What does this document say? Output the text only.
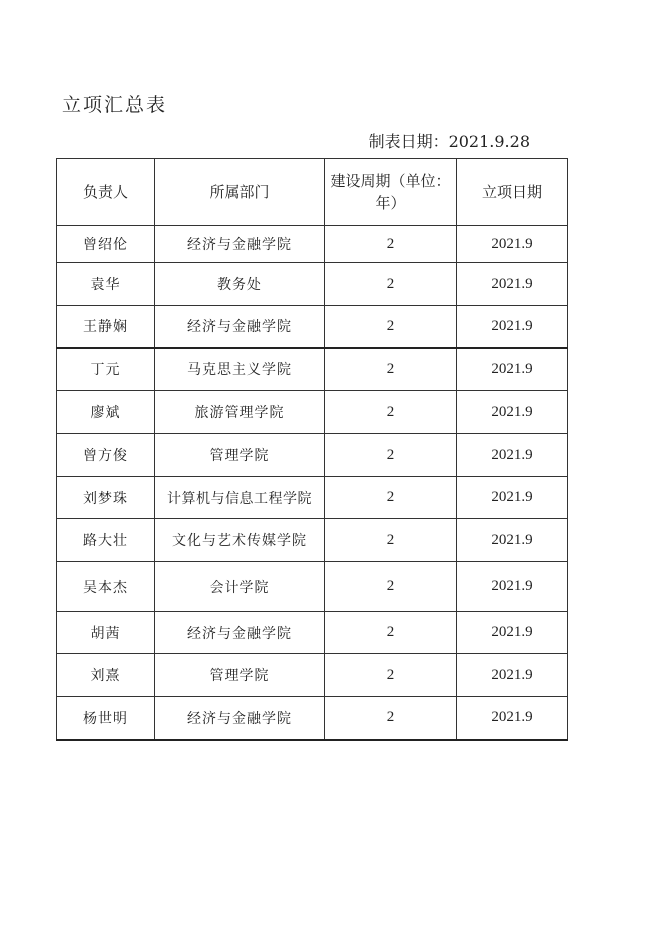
立项汇总表
制表日期：2021.9.28
负责人	所属部门	建设周期（单位：年）	立项日期
曾绍伦	经济与金融学院	2	2021.9
袁华	教务处	2	2021.9
王静娴	经济与金融学院	2	2021.9
丁元	马克思主义学院	2	2021.9
廖斌	旅游管理学院	2	2021.9
曾方俊	管理学院	2	2021.9
刘梦珠	计算机与信息工程学院	2	2021.9
路大壮	文化与艺术传媒学院	2	2021.9
吴本杰	会计学院	2	2021.9
胡茜	经济与金融学院	2	2021.9
刘熹	管理学院	2	2021.9
杨世明	经济与金融学院	2	2021.9
